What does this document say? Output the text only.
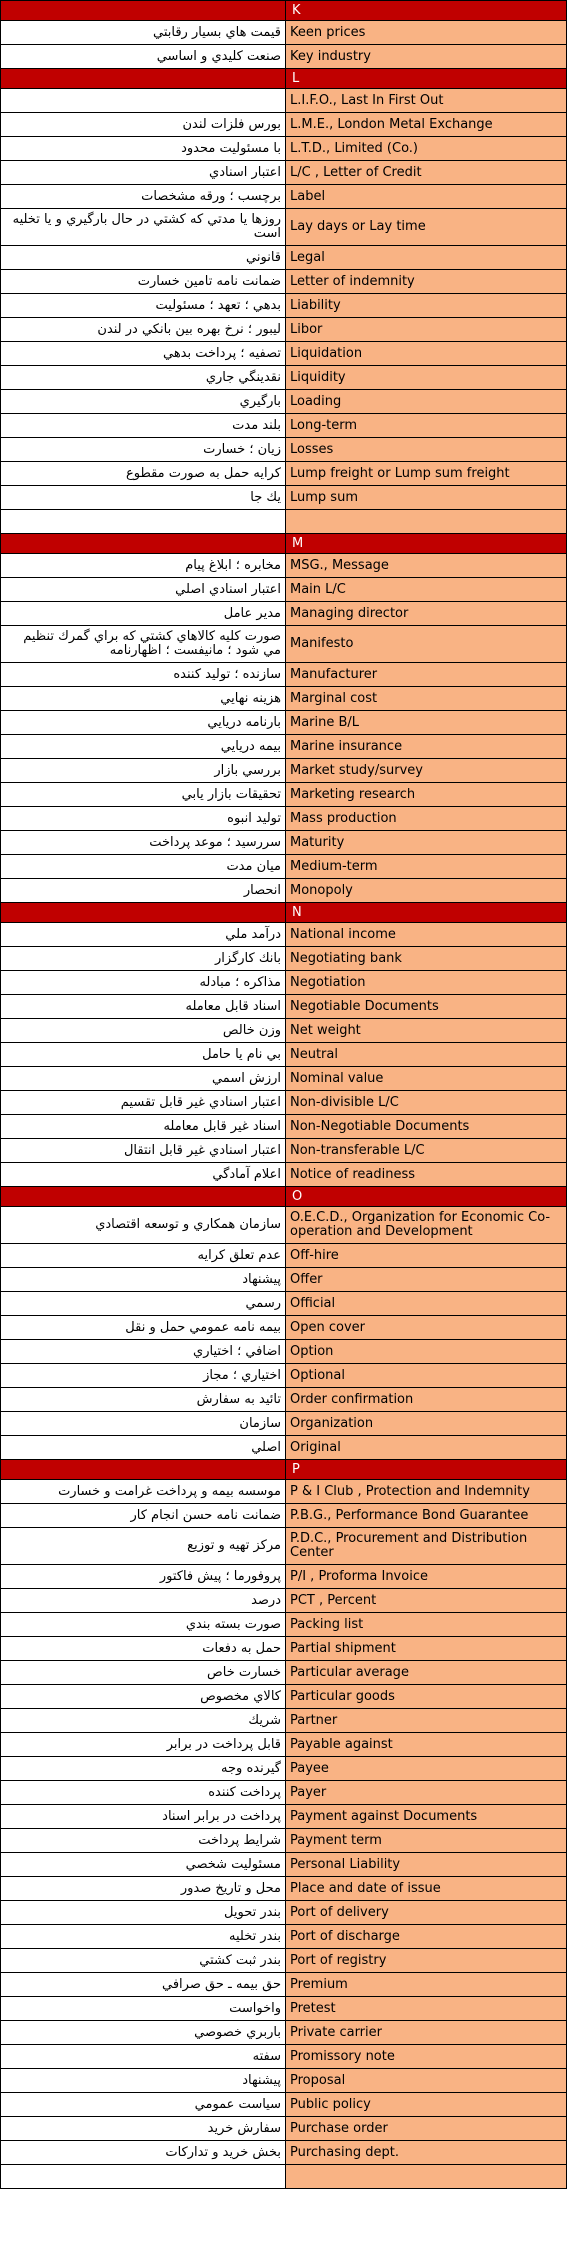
	K
قیمت هاي بسیار رقابتي	Keen prices
صنعت كليدي و اساسي	Key industry
	L
	L.I.F.O., Last In First Out
بورس فلزات لندن	L.M.E., London Metal Exchange
با مسئوليت محدود	L.T.D., Limited (Co.)
اعتبار اسنادي	L/C , Letter of Credit
برچسب ؛ ورقه مشخصات	Label
روزها يا مدتي كه كشتي در حال بارگيري و يا تخليه است	Lay days or Lay time
قانوني	Legal
ضمانت نامه تامين خسارت	Letter of indemnity
بدهي ؛ تعهد ؛ مسئوليت	Liability
ليبور ؛ نرخ بهره بين بانكي در لندن	Libor
تصفيه ؛ پرداخت بدهي	Liquidation
نقدينگي جاري	Liquidity
بارگيري	Loading
بلند مدت	Long-term
زيان ؛ خسارت	Losses
كرايه حمل به صورت مقطوع	Lump freight or Lump sum freight
يك جا	Lump sum

	M
مخابره ؛ ابلاغ پيام	MSG., Message
اعتبار اسنادي اصلي	Main L/C
مدير عامل	Managing director
صورت كليه كالاهاي كشتي كه براي گمرك تنظيم مي شود ؛ مانيفست ؛ اظهارنامه	Manifesto
سازنده ؛ توليد كننده	Manufacturer
هزينه نهايي	Marginal cost
بارنامه دريايي	Marine B/L
بيمه دريايي	Marine insurance
بررسي بازار	Market study/survey
تحقيقات بازار يابي	Marketing research
توليد انبوه	Mass production
سررسيد ؛ موعد پرداخت	Maturity
ميان مدت	Medium-term
انحصار	Monopoly
	N
درآمد ملي	National income
بانك كارگزار	Negotiating bank
مذاكره ؛ مبادله	Negotiation
اسناد قابل معامله	Negotiable Documents
وزن خالص	Net weight
بي نام يا حامل	Neutral
ارزش اسمي	Nominal value
اعتبار اسنادي غير قابل تقسيم	Non-divisible L/C
اسناد غير قابل معامله	Non-Negotiable Documents
اعتبار اسنادي غير قابل انتقال	Non-transferable L/C
اعلام آمادگي	Notice of readiness
	O
سازمان همكاري و توسعه اقتصادي	O.E.C.D., Organization for Economic Co-operation and Development
عدم تعلق كرايه	Off-hire
پيشنهاد	Offer
رسمي	Official
بيمه نامه عمومي حمل و نقل	Open cover
اضافي ؛ اختياري	Option
اختياري ؛ مجاز	Optional
تائيد به سفارش	Order confirmation
سازمان	Organization
اصلي	Original
	P
موسسه بيمه و پرداخت غرامت و خسارت	P & I Club , Protection and Indemnity
ضمانت نامه حسن انجام كار	P.B.G., Performance Bond Guarantee
مركز تهيه و توزيع	P.D.C., Procurement and Distribution Center
پروفورما ؛ پيش فاكتور	P/I , Proforma Invoice
درصد	PCT , Percent
صورت بسته بندي	Packing list
حمل به دفعات	Partial shipment
خسارت خاص	Particular average
كالاي مخصوص	Particular goods
شريك	Partner
قابل پرداخت در برابر	Payable against
گيرنده وجه	Payee
پرداخت كننده	Payer
پرداخت در برابر اسناد	Payment against Documents
شرايط پرداخت	Payment term
مسئوليت شخصي	Personal Liability
محل و تاريخ صدور	Place and date of issue
بندر تحويل	Port of delivery
بندر تخليه	Port of discharge
بندر ثبت كشتي	Port of registry
حق بيمه ـ حق صرافي	Premium
واخواست	Pretest
باربري خصوصي	Private carrier
سفته	Promissory note
پيشنهاد	Proposal
سياست عمومي	Public policy
سفارش خريد	Purchase order
بخش خريد و تداركات	Purchasing dept.
